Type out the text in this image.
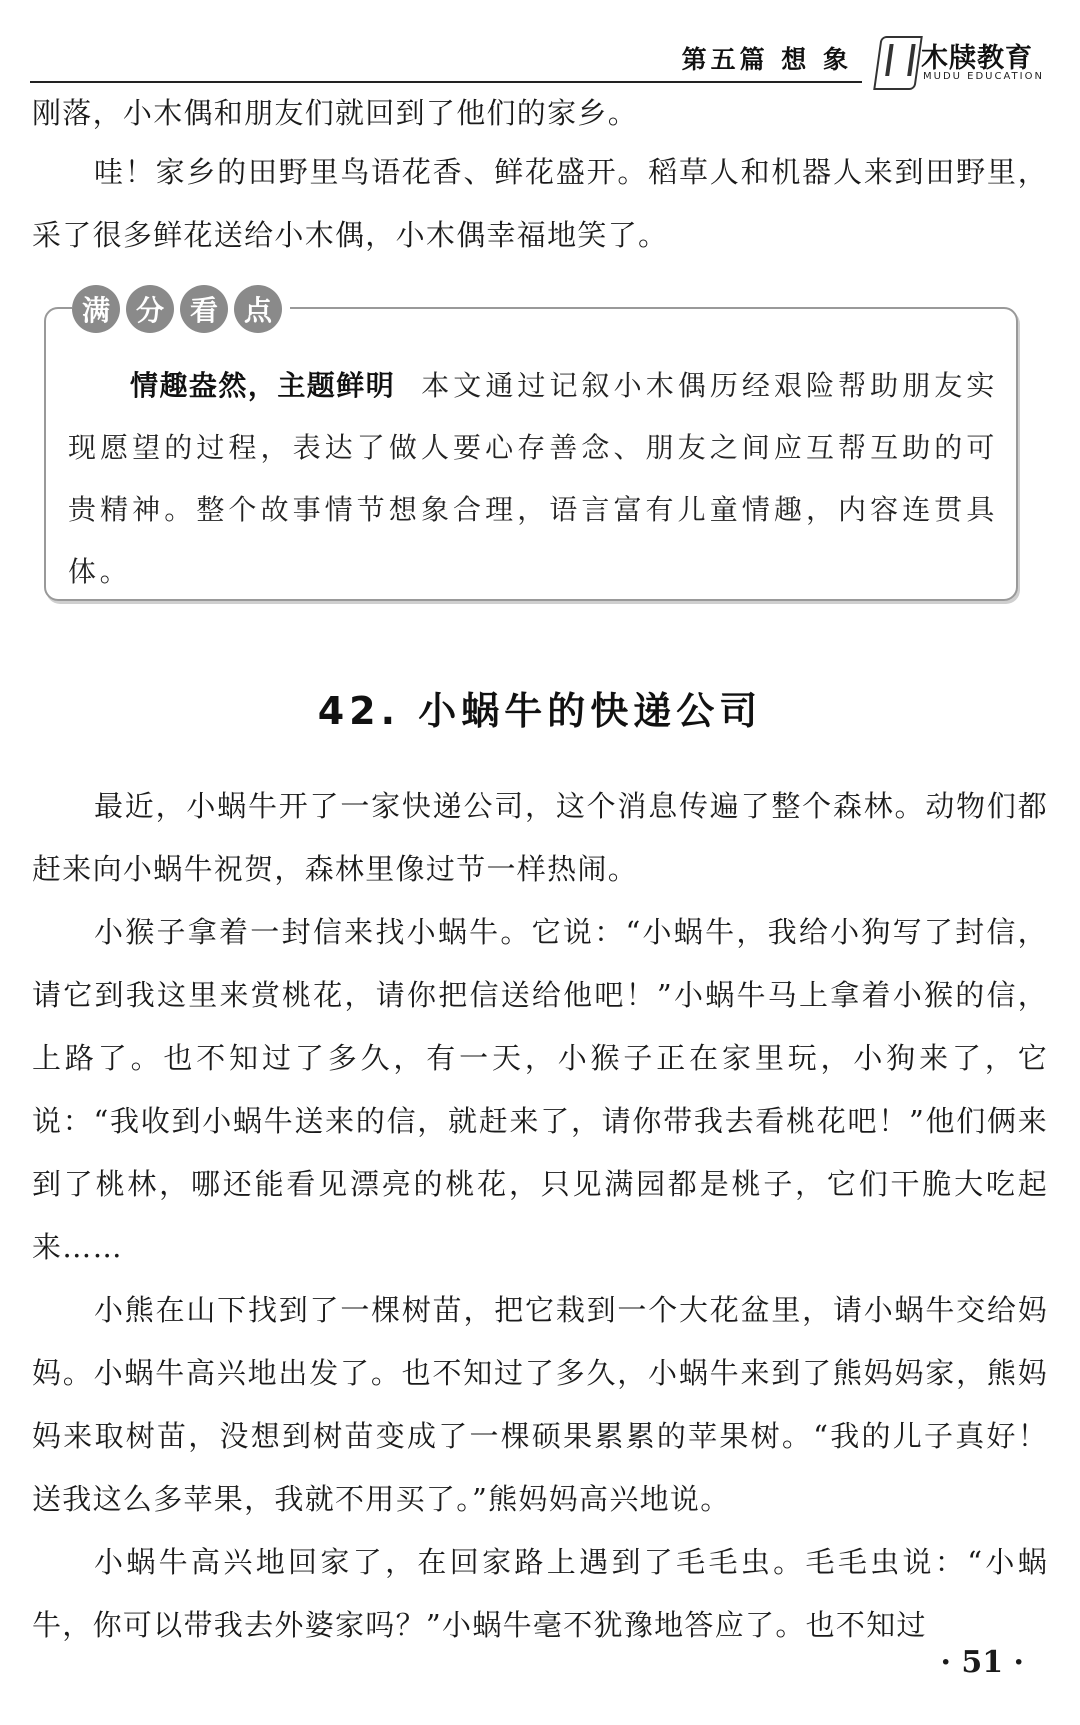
第五篇 想 象	木牍教育
MUDU EDUCATION

刚落，小木偶和朋友们就回到了他们的家乡。

哇！家乡的田野里鸟语花香、鲜花盛开。稻草人和机器人来到田野里，采了很多鲜花送给小木偶，小木偶幸福地笑了。

满 分 看 点

情趣盎然，主题鲜明 本文通过记叙小木偶历经艰险帮助朋友实现愿望的过程，表达了做人要心存善念、朋友之间应互帮互助的可贵精神。整个故事情节想象合理，语言富有儿童情趣，内容连贯具体。

42. 小蜗牛的快递公司

最近，小蜗牛开了一家快递公司，这个消息传遍了整个森林。动物们都赶来向小蜗牛祝贺，森林里像过节一样热闹。

小猴子拿着一封信来找小蜗牛。它说：“小蜗牛，我给小狗写了封信，请它到我这里来赏桃花，请你把信送给他吧！”小蜗牛马上拿着小猴的信，上路了。也不知过了多久，有一天，小猴子正在家里玩，小狗来了，它说：“我收到小蜗牛送来的信，就赶来了，请你带我去看桃花吧！”他们俩来到了桃林，哪还能看见漂亮的桃花，只见满园都是桃子，它们干脆大吃起来……

小熊在山下找到了一棵树苗，把它栽到一个大花盆里，请小蜗牛交给妈妈。小蜗牛高兴地出发了。也不知过了多久，小蜗牛来到了熊妈妈家，熊妈妈来取树苗，没想到树苗变成了一棵硕果累累的苹果树。“我的儿子真好！送我这么多苹果，我就不用买了。”熊妈妈高兴地说。

小蜗牛高兴地回家了，在回家路上遇到了毛毛虫。毛毛虫说：“小蜗牛，你可以带我去外婆家吗？”小蜗牛毫不犹豫地答应了。也不知过

· 51 ·
